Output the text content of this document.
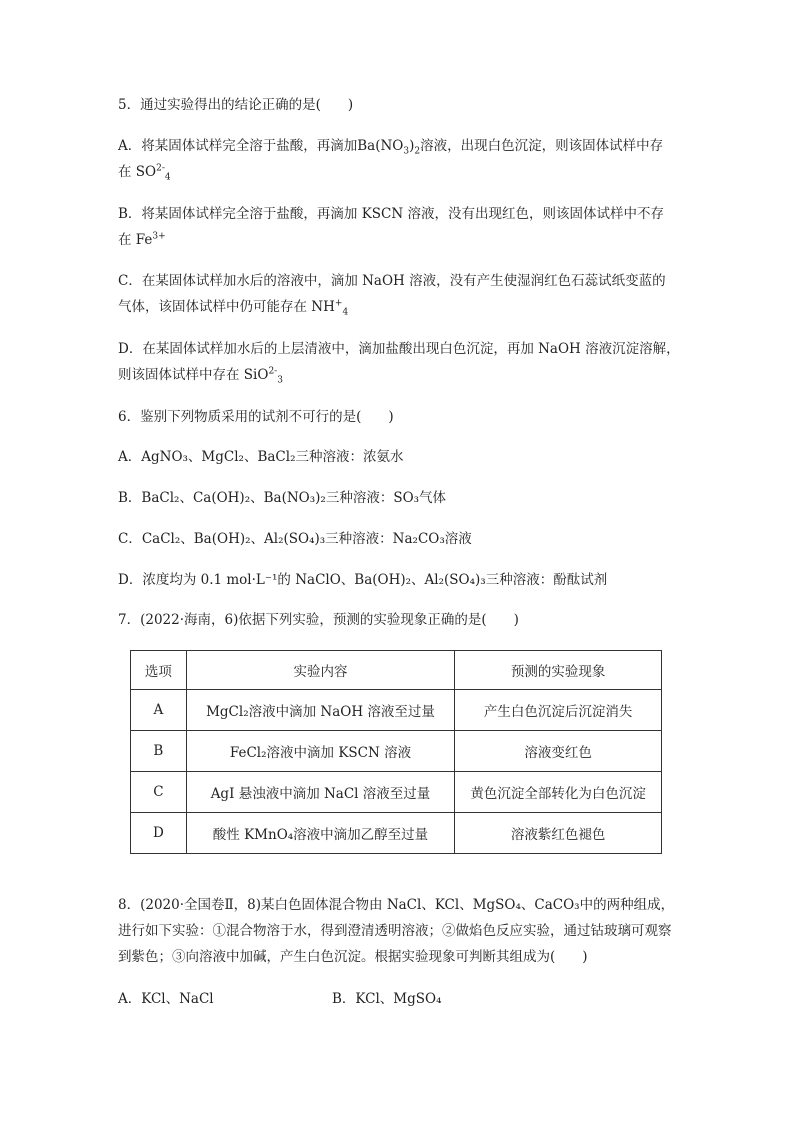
5．通过实验得出的结论正确的是(　　)
A．将某固体试样完全溶于盐酸，再滴加$Ba(NO_3)_2$溶液，出现白色沉淀，则该固体试样中存
在 $SO^{2-}_4$
B．将某固体试样完全溶于盐酸，再滴加 KSCN 溶液，没有出现红色，则该固体试样中不存
在 $Fe^{3+}$
C．在某固体试样加水后的溶液中，滴加 NaOH 溶液，没有产生使湿润红色石蕊试纸变蓝的
气体，该固体试样中仍可能存在 $NH^+_4$
D．在某固体试样加水后的上层清液中，滴加盐酸出现白色沉淀，再加 NaOH 溶液沉淀溶解，
则该固体试样中存在 SiO$^{2-}_3$
6．鉴别下列物质采用的试剂不可行的是(　　)
A．AgNO₃、MgCl₂、BaCl₂三种溶液：浓氨水
B．BaCl₂、Ca(OH)₂、Ba(NO₃)₂三种溶液：SO₃气体
C．CaCl₂、Ba(OH)₂、Al₂(SO₄)₃三种溶液：Na₂CO₃溶液
D．浓度均为 0.1 mol·L⁻¹的 NaClO、Ba(OH)₂、Al₂(SO₄)₃三种溶液：酚酞试剂
7．(2022·海南，6)依据下列实验，预测的实验现象正确的是(　　)
选项	实验内容	预测的实验现象
A	MgCl₂溶液中滴加 NaOH 溶液至过量	产生白色沉淀后沉淀消失
B	FeCl₂溶液中滴加 KSCN 溶液	溶液变红色
C	AgI 悬浊液中滴加 NaCl 溶液至过量	黄色沉淀全部转化为白色沉淀
D	酸性 KMnO₄溶液中滴加乙醇至过量	溶液紫红色褪色
8．(2020·全国卷Ⅱ，8)某白色固体混合物由 NaCl、KCl、MgSO₄、CaCO₃中的两种组成，进行如下实验：①混合物溶于水，得到澄清透明溶液；②做焰色反应实验，通过钴玻璃可观察到紫色；③向溶液中加碱，产生白色沉淀。根据实验现象可判断其组成为(　　)
A．KCl、NaCl	B．KCl、MgSO₄
